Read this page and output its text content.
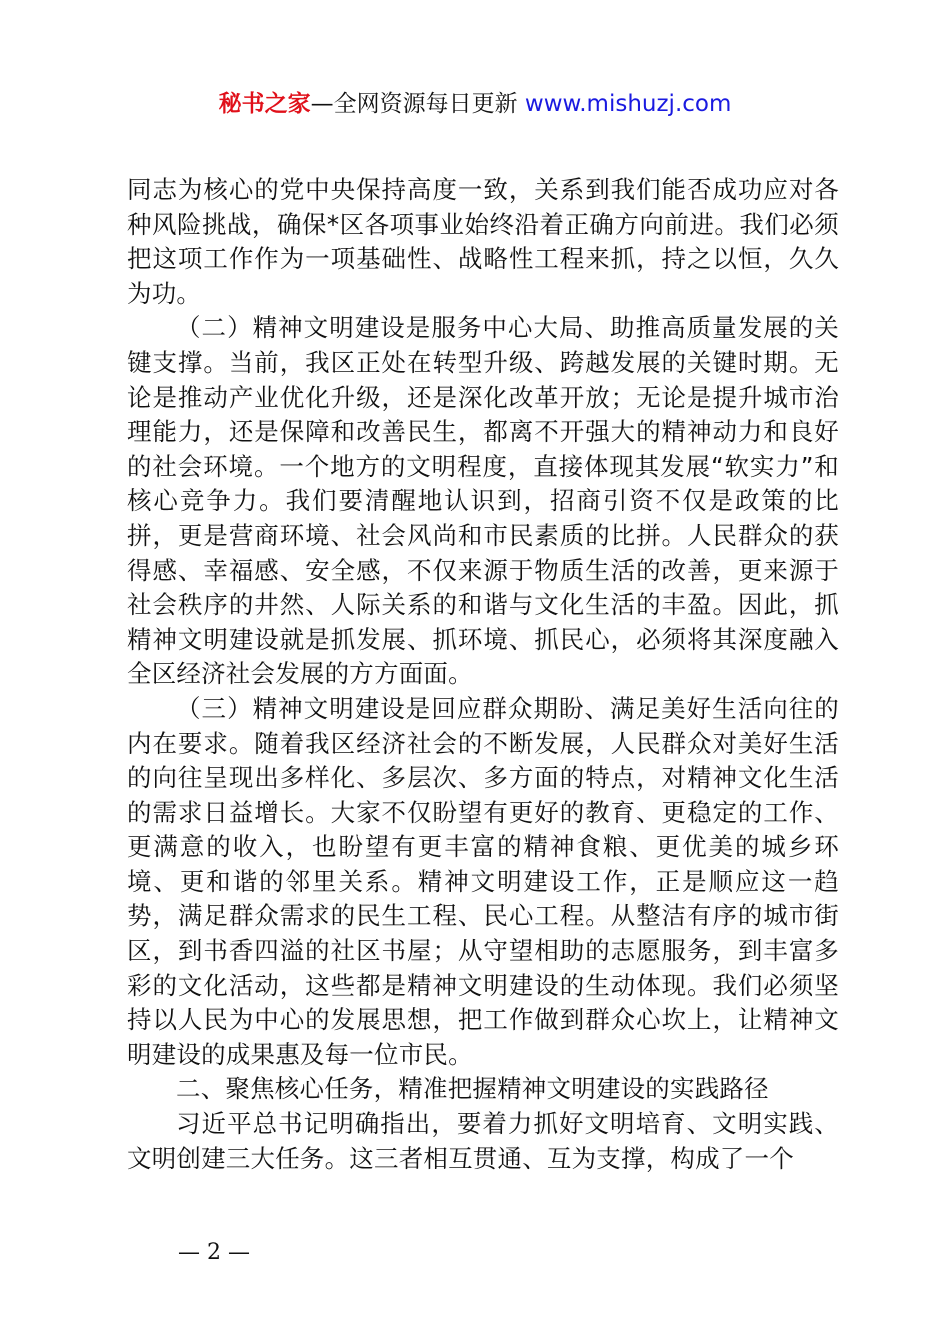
秘书之家—全网资源每日更新 www.mishuzj.com

同志为核心的党中央保持高度一致，关系到我们能否成功应对各种风险挑战，确保*区各项事业始终沿着正确方向前进。我们必须把这项工作作为一项基础性、战略性工程来抓，持之以恒，久久为功。

（二）精神文明建设是服务中心大局、助推高质量发展的关键支撑。当前，我区正处在转型升级、跨越发展的关键时期。无论是推动产业优化升级，还是深化改革开放；无论是提升城市治理能力，还是保障和改善民生，都离不开强大的精神动力和良好的社会环境。一个地方的文明程度，直接体现其发展“软实力”和核心竞争力。我们要清醒地认识到，招商引资不仅是政策的比拼，更是营商环境、社会风尚和市民素质的比拼。人民群众的获得感、幸福感、安全感，不仅来源于物质生活的改善，更来源于社会秩序的井然、人际关系的和谐与文化生活的丰盈。因此，抓精神文明建设就是抓发展、抓环境、抓民心，必须将其深度融入全区经济社会发展的方方面面。

（三）精神文明建设是回应群众期盼、满足美好生活向往的内在要求。随着我区经济社会的不断发展，人民群众对美好生活的向往呈现出多样化、多层次、多方面的特点，对精神文化生活的需求日益增长。大家不仅盼望有更好的教育、更稳定的工作、更满意的收入，也盼望有更丰富的精神食粮、更优美的城乡环境、更和谐的邻里关系。精神文明建设工作，正是顺应这一趋势，满足群众需求的民生工程、民心工程。从整洁有序的城市街区，到书香四溢的社区书屋；从守望相助的志愿服务，到丰富多彩的文化活动，这些都是精神文明建设的生动体现。我们必须坚持以人民为中心的发展思想，把工作做到群众心坎上，让精神文明建设的成果惠及每一位市民。

二、聚焦核心任务，精准把握精神文明建设的实践路径

习近平总书记明确指出，要着力抓好文明培育、文明实践、文明创建三大任务。这三者相互贯通、互为支撑，构成了一个

— 2 —
